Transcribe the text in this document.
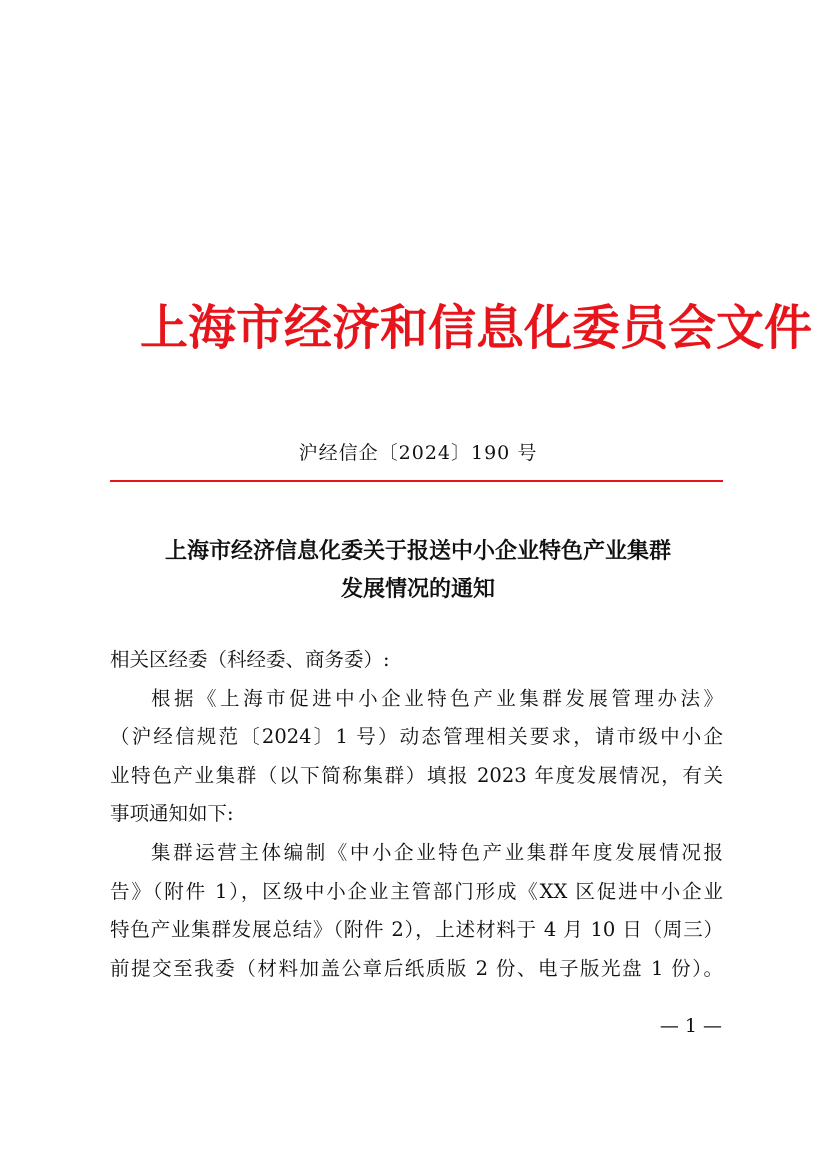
上海市经济和信息化委员会文件
沪经信企〔2024〕190 号
上海市经济信息化委关于报送中小企业特色产业集群
发展情况的通知
相关区经委（科经委、商务委）:
根据《上海市促进中小企业特色产业集群发展管理办法》
（沪经信规范〔2024〕1 号）动态管理相关要求，请市级中小企
业特色产业集群（以下简称集群）填报 2023 年度发展情况，有关
事项通知如下:
集群运营主体编制《中小企业特色产业集群年度发展情况报
告》（附件 1），区级中小企业主管部门形成《XX 区促进中小企业
特色产业集群发展总结》（附件 2），上述材料于 4 月 10 日（周三）
前提交至我委（材料加盖公章后纸质版 2 份、电子版光盘 1 份）。
— 1 —
